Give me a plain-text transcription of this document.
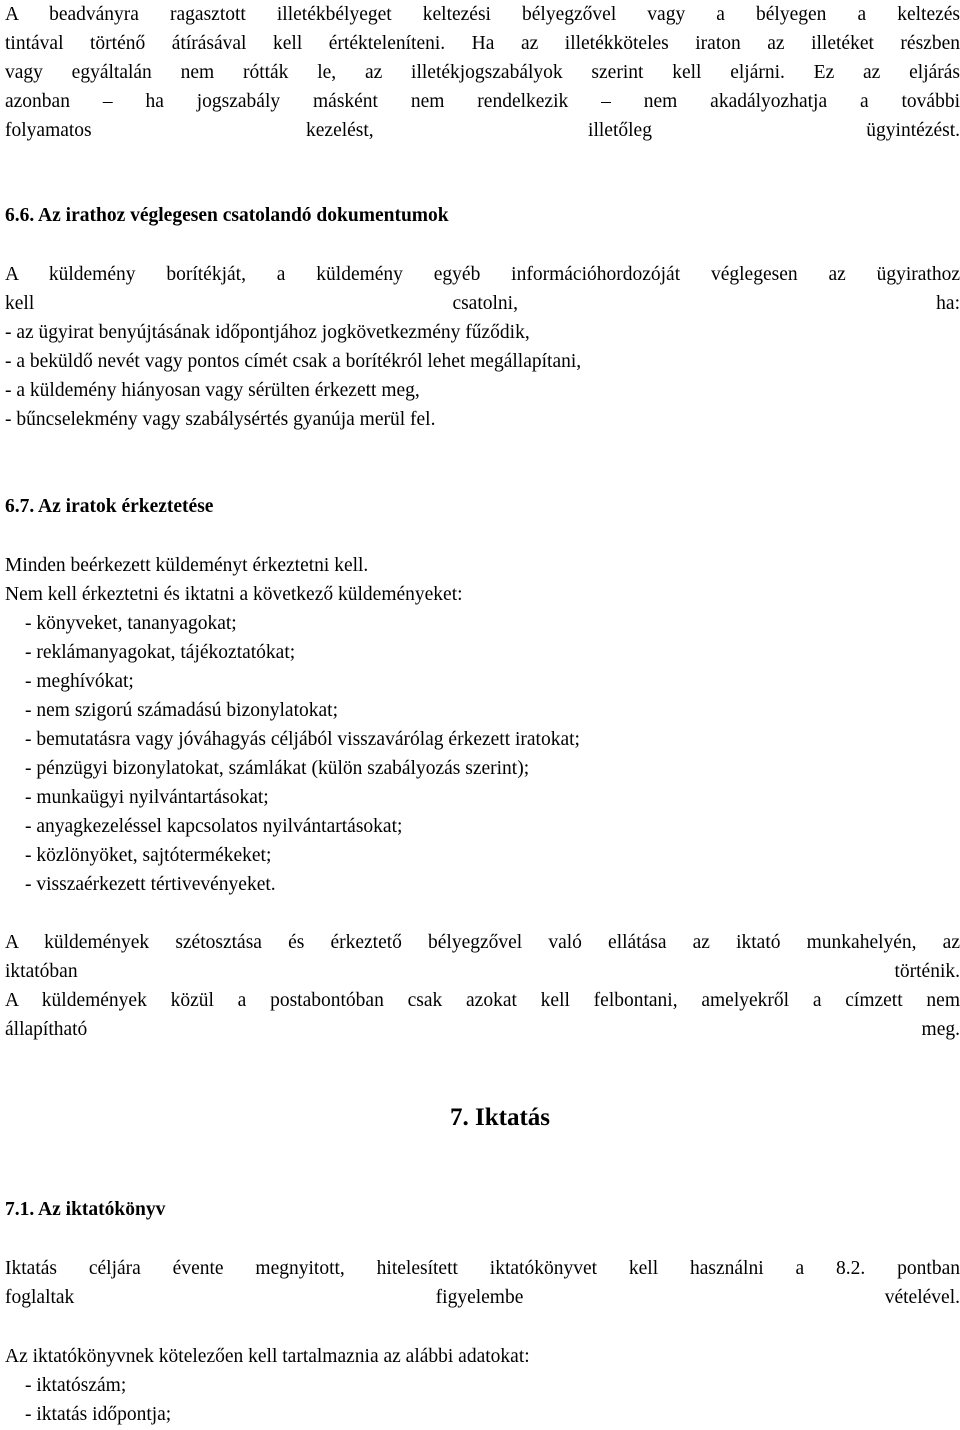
A beadványra ragasztott illetékbélyeget keltezési bélyegzővel vagy a bélyegen a keltezés
tintával történő átírásával kell értékteleníteni. Ha az illetékköteles iraton az illetéket részben
vagy egyáltalán nem rótták le, az illetékjogszabályok szerint kell eljárni. Ez az eljárás
azonban – ha jogszabály másként nem rendelkezik – nem akadályozhatja a további
folyamatos kezelést, illetőleg ügyintézést.
6.6. Az irathoz véglegesen csatolandó dokumentumok
A küldemény borítékját, a küldemény egyéb információhordozóját véglegesen az ügyirathoz
kell csatolni, ha:
- az ügyirat benyújtásának időpontjához jogkövetkezmény fűződik,
- a beküldő nevét vagy pontos címét csak a borítékról lehet megállapítani,
- a küldemény hiányosan vagy sérülten érkezett meg,
- bűncselekmény vagy szabálysértés gyanúja merül fel.
6.7. Az iratok érkeztetése
Minden beérkezett küldeményt érkeztetni kell.
Nem kell érkeztetni és iktatni a következő küldeményeket:
- könyveket, tananyagokat;
- reklámanyagokat, tájékoztatókat;
- meghívókat;
- nem szigorú számadású bizonylatokat;
- bemutatásra vagy jóváhagyás céljából visszavárólag érkezett iratokat;
- pénzügyi bizonylatokat, számlákat (külön szabályozás szerint);
- munkaügyi nyilvántartásokat;
- anyagkezeléssel kapcsolatos nyilvántartásokat;
- közlönyöket, sajtótermékeket;
- visszaérkezett tértivevényeket.
A küldemények szétosztása és érkeztető bélyegzővel való ellátása az iktató munkahelyén, az
iktatóban történik.
A küldemények közül a postabontóban csak azokat kell felbontani, amelyekről a címzett nem
állapítható meg.
7. Iktatás
7.1. Az iktatókönyv
Iktatás céljára évente megnyitott, hitelesített iktatókönyvet kell használni a 8.2. pontban
foglaltak figyelembe vételével.
Az iktatókönyvnek kötelezően kell tartalmaznia az alábbi adatokat:
- iktatószám;
- iktatás időpontja;
